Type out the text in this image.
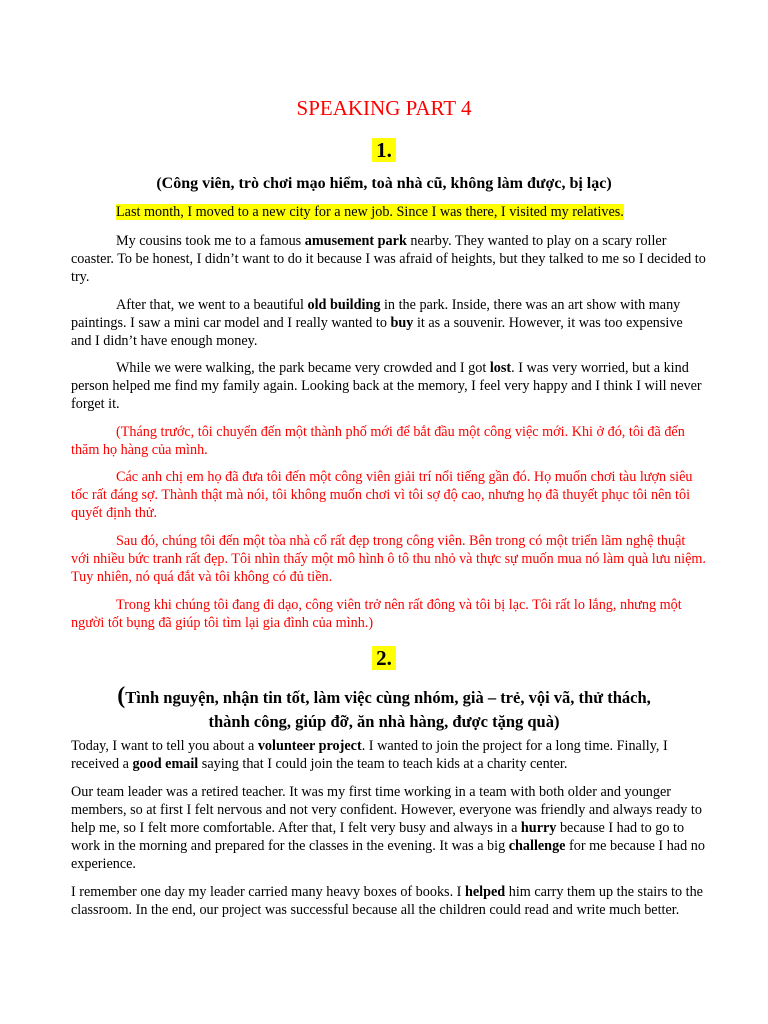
SPEAKING PART 4
1.
(Công viên, trò chơi mạo hiểm, toà nhà cũ, không làm được, bị lạc)

Last month, I moved to a new city for a new job. Since I was there, I visited my relatives.

My cousins took me to a famous amusement park nearby. They wanted to play on a scary roller coaster. To be honest, I didn’t want to do it because I was afraid of heights, but they talked to me so I decided to try.

After that, we went to a beautiful old building in the park. Inside, there was an art show with many paintings. I saw a mini car model and I really wanted to buy it as a souvenir. However, it was too expensive and I didn’t have enough money.

While we were walking, the park became very crowded and I got lost. I was very worried, but a kind person helped me find my family again. Looking back at the memory, I feel very happy and I think I will never forget it.

(Tháng trước, tôi chuyển đến một thành phố mới để bắt đầu một công việc mới. Khi ở đó, tôi đã đến thăm họ hàng của mình.

Các anh chị em họ đã đưa tôi đến một công viên giải trí nổi tiếng gần đó. Họ muốn chơi tàu lượn siêu tốc rất đáng sợ. Thành thật mà nói, tôi không muốn chơi vì tôi sợ độ cao, nhưng họ đã thuyết phục tôi nên tôi quyết định thử.

Sau đó, chúng tôi đến một tòa nhà cổ rất đẹp trong công viên. Bên trong có một triển lãm nghệ thuật với nhiều bức tranh rất đẹp. Tôi nhìn thấy một mô hình ô tô thu nhỏ và thực sự muốn mua nó làm quà lưu niệm. Tuy nhiên, nó quá đắt và tôi không có đủ tiền.

Trong khi chúng tôi đang đi dạo, công viên trở nên rất đông và tôi bị lạc. Tôi rất lo lắng, nhưng một người tốt bụng đã giúp tôi tìm lại gia đình của mình.)

2.
(Tình nguyện, nhận tin tốt, làm việc cùng nhóm, già – trẻ, vội vã, thử thách,
thành công, giúp đỡ, ăn nhà hàng, được tặng quà)

Today, I want to tell you about a volunteer project. I wanted to join the project for a long time. Finally, I received a good email saying that I could join the team to teach kids at a charity center.

Our team leader was a retired teacher. It was my first time working in a team with both older and younger members, so at first I felt nervous and not very confident. However, everyone was friendly and always ready to help me, so I felt more comfortable. After that, I felt very busy and always in a hurry because I had to go to work in the morning and prepared for the classes in the evening. It was a big challenge for me because I had no experience.

I remember one day my leader carried many heavy boxes of books. I helped him carry them up the stairs to the classroom. In the end, our project was successful because all the children could read and write much better.
